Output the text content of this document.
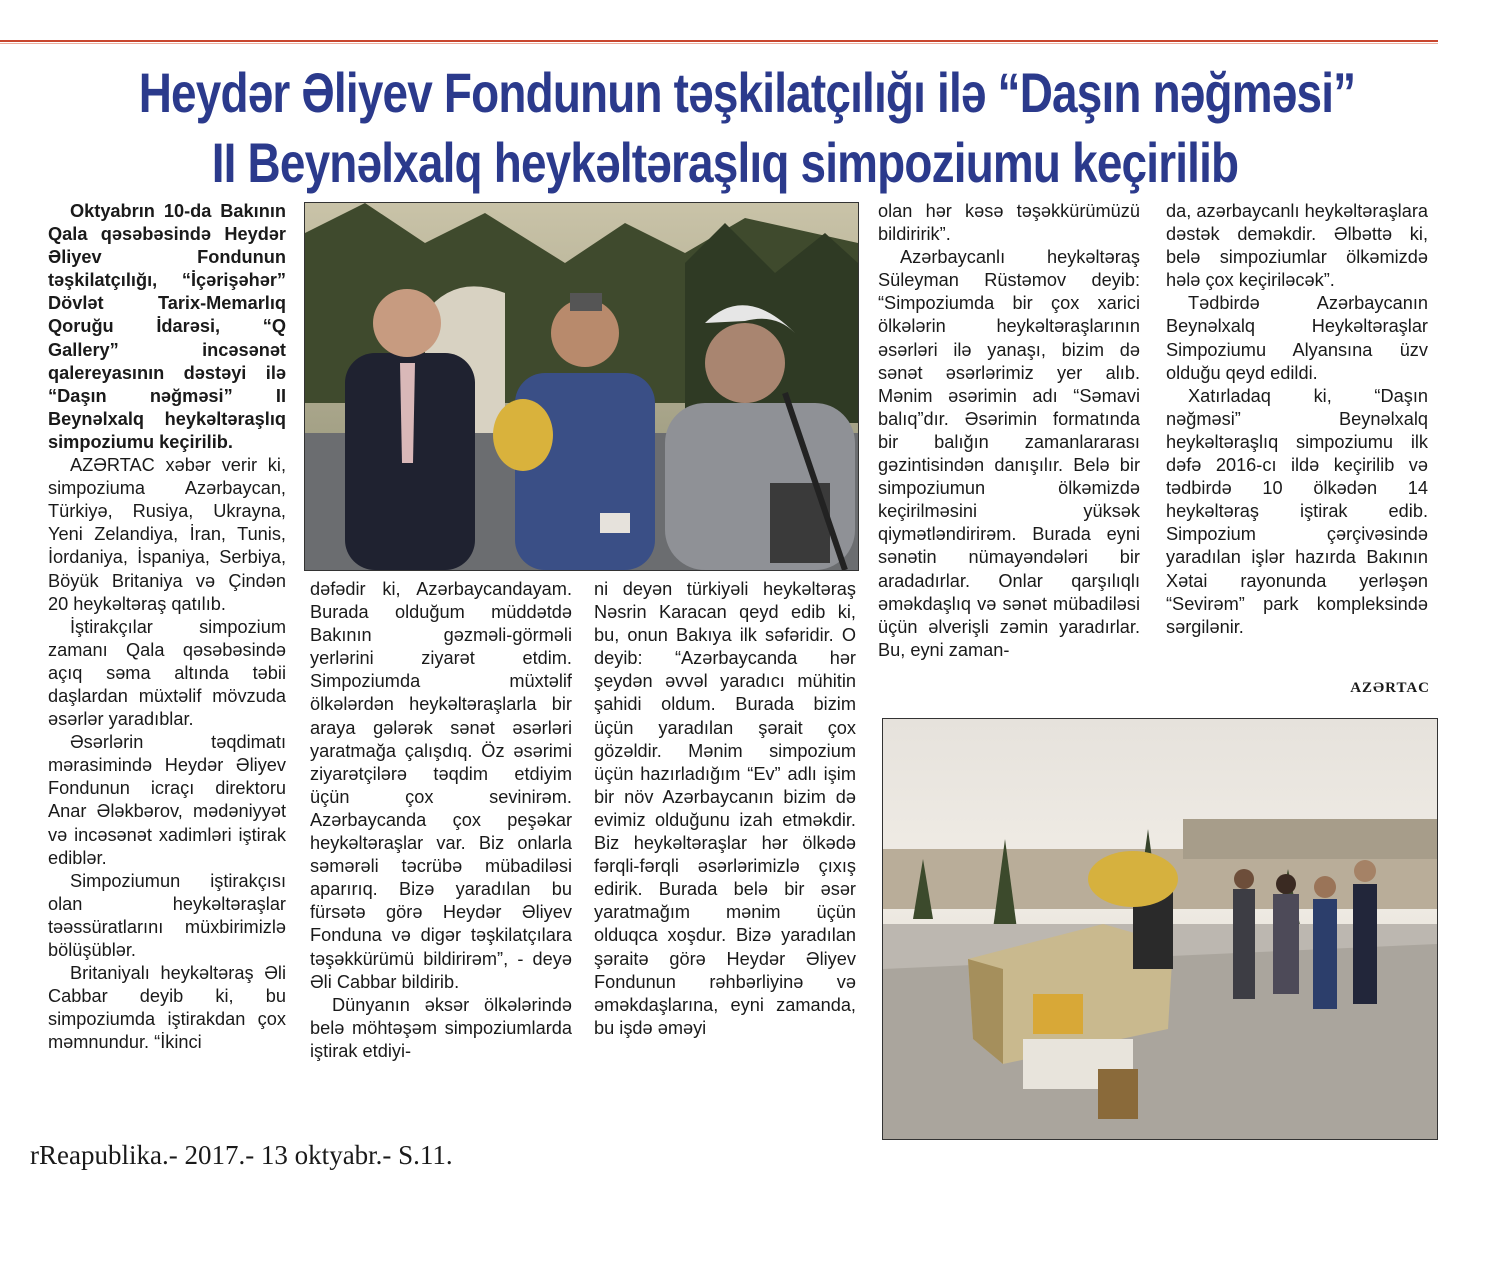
Heydər Əliyev Fondunun təşkilatçılığı ilə “Daşın nəğməsi”
II Beynəlxalq heykəltəraşlıq simpoziumu keçirilib

Oktyabrın 10-da Bakının Qala qəsəbəsində Heydər Əliyev Fondunun təşkilatçılığı, “İçərişəhər” Dövlət Tarix-Memarlıq Qoruğu İdarəsi, “Q Gallery” incəsənət qalereyasının dəstəyi ilə “Daşın nəğməsi” II Beynəlxalq heykəltəraşlıq simpoziumu keçirilib.

AZƏRTAC xəbər verir ki, simpoziuma Azərbaycan, Türkiyə, Rusiya, Ukrayna, Yeni Zelandiya, İran, Tunis, İordaniya, İspaniya, Serbiya, Böyük Britaniya və Çindən 20 heykəltəraş qatılıb.

İştirakçılar simpozium zamanı Qala qəsəbəsində açıq səma altında təbii daşlardan müxtəlif mövzuda əsərlər yaradıblar.

Əsərlərin təqdimatı mərasimində Heydər Əliyev Fondunun icraçı direktoru Anar Ələkbərov, mədəniyyət və incəsənət xadimləri iştirak ediblər.

Simpoziumun iştirakçısı olan heykəltəraşlar təəssüratlarını müxbirimizlə bölüşüblər.

Britaniyalı heykəltəraş Əli Cabbar deyib ki, bu simpoziumda iştirakdan çox məmnundur. “İkinci

dəfədir ki, Azərbaycandayam. Burada olduğum müddətdə Bakının gəzməli-görməli yerlərini ziyarət etdim. Simpoziumda müxtəlif ölkələrdən heykəltəraşlarla bir araya gələrək sənət əsərləri yaratmağa çalışdıq. Öz əsərimi ziyarətçilərə təqdim etdiyim üçün çox sevinirəm. Azərbaycanda çox peşəkar heykəltəraşlar var. Biz onlarla səmərəli təcrübə mübadiləsi aparırıq. Bizə yaradılan bu fürsətə görə Heydər Əliyev Fonduna və digər təşkilatçılara təşəkkürümü bildirirəm”, - deyə Əli Cabbar bildirib.

Dünyanın əksər ölkələrində belə möhtəşəm simpoziumlarda iştirak etdiyi-

ni deyən türkiyəli heykəltəraş Nəsrin Karacan qeyd edib ki, bu, onun Bakıya ilk səfəridir. O deyib: “Azərbaycanda hər şeydən əvvəl yaradıcı mühitin şahidi oldum. Burada bizim üçün yaradılan şərait çox gözəldir. Mənim simpozium üçün hazırladığım “Ev” adlı işim bir növ Azərbaycanın bizim də evimiz olduğunu izah etməkdir. Biz heykəltəraşlar hər ölkədə fərqli-fərqli əsərlərimizlə çıxış edirik. Burada belə bir əsər yaratmağım mənim üçün olduqca xoşdur. Bizə yaradılan şəraitə görə Heydər Əliyev Fondunun rəhbərliyinə və əməkdaşlarına, eyni zamanda, bu işdə əməyi

olan hər kəsə təşəkkürümüzü bildiririk”.

Azərbaycanlı heykəltəraş Süleyman Rüstəmov deyib: “Simpoziumda bir çox xarici ölkələrin heykəltəraşlarının əsərləri ilə yanaşı, bizim də sənət əsərlərimiz yer alıb. Mənim əsərimin adı “Səmavi balıq”dır. Əsərimin formatında bir balığın zamanlararası gəzintisindən danışılır. Belə bir simpoziumun ölkəmizdə keçirilməsini yüksək qiymətləndirirəm. Burada eyni sənətin nümayəndələri bir aradadırlar. Onlar qarşılıqlı əməkdaşlıq və sənət mübadiləsi üçün əlverişli zəmin yaradırlar. Bu, eyni zaman-

da, azərbaycanlı heykəltəraşlara dəstək deməkdir. Əlbəttə ki, belə simpoziumlar ölkəmizdə hələ çox keçiriləcək”.

Tədbirdə Azərbaycanın Beynəlxalq Heykəltəraşlar Simpoziumu Alyansına üzv olduğu qeyd edildi.

Xatırladaq ki, “Daşın nəğməsi” Beynəlxalq heykəltəraşlıq simpoziumu ilk dəfə 2016-cı ildə keçirilib və tədbirdə 10 ölkədən 14 heykəltəraş iştirak edib. Simpozium çərçivəsində yaradılan işlər hazırda Bakının Xətai rayonunda yerləşən “Sevirəm” park kompleksində sərgilənir.

AZƏRTAC
rReapublika.- 2017.- 13 oktyabr.- S.11.
